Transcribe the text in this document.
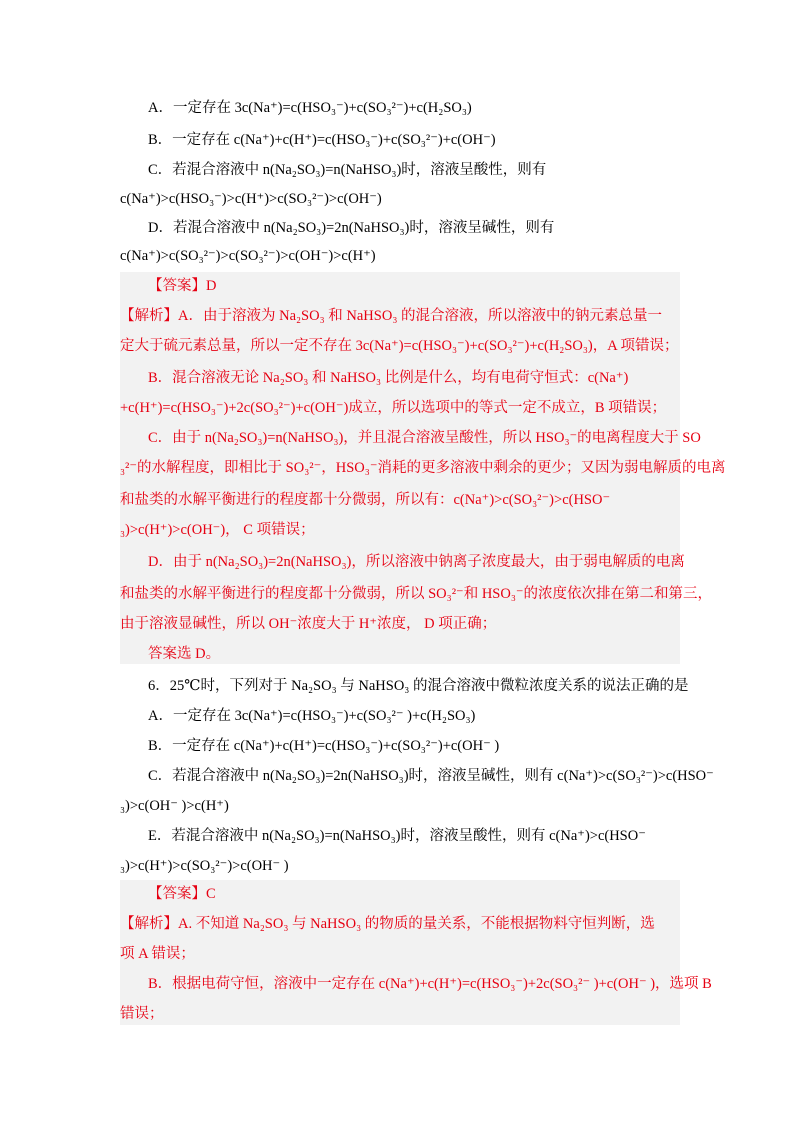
A．一定存在 3c(Na⁺)=c(HSO₃⁻)+c(SO₃²⁻)+c(H₂SO₃)
B．一定存在 c(Na⁺)+c(H⁺)=c(HSO₃⁻)+c(SO₃²⁻)+c(OH⁻)
C．若混合溶液中 n(Na₂SO₃)=n(NaHSO₃)时，溶液呈酸性，则有
c(Na⁺)>c(HSO₃⁻)>c(H⁺)>c(SO₃²⁻)>c(OH⁻)
D．若混合溶液中 n(Na₂SO₃)=2n(NaHSO₃)时，溶液呈碱性，则有
c(Na⁺)>c(SO₃²⁻)>c(SO₃²⁻)>c(OH⁻)>c(H⁺)
【答案】D
【解析】A．由于溶液为 Na₂SO₃ 和 NaHSO₃ 的混合溶液，所以溶液中的钠元素总量一
定大于硫元素总量，所以一定不存在 3c(Na⁺)=c(HSO₃⁻)+c(SO₃²⁻)+c(H₂SO₃)，A 项错误；
B．混合溶液无论 Na₂SO₃ 和 NaHSO₃ 比例是什么，均有电荷守恒式：c(Na⁺)
+c(H⁺)=c(HSO₃⁻)+2c(SO₃²⁻)+c(OH⁻)成立，所以选项中的等式一定不成立，B 项错误；
C．由于 n(Na₂SO₃)=n(NaHSO₃)，并且混合溶液呈酸性，所以 HSO₃⁻的电离程度大于 SO
₃²⁻的水解程度，即相比于 SO₃²⁻，HSO₃⁻消耗的更多溶液中剩余的更少；又因为弱电解质的电离
和盐类的水解平衡进行的程度都十分微弱，所以有：c(Na⁺)>c(SO₃²⁻)>c(HSO⁻
₃)>c(H⁺)>c(OH⁻)， C 项错误；
D．由于 n(Na₂SO₃)=2n(NaHSO₃)，所以溶液中钠离子浓度最大，由于弱电解质的电离
和盐类的水解平衡进行的程度都十分微弱，所以 SO₃²⁻和 HSO₃⁻的浓度依次排在第二和第三，
由于溶液显碱性，所以 OH⁻浓度大于 H⁺浓度， D 项正确；
答案选 D。
6．25℃时，下列对于 Na₂SO₃ 与 NaHSO₃ 的混合溶液中微粒浓度关系的说法正确的是
A．一定存在 3c(Na⁺)=c(HSO₃⁻)+c(SO₃²⁻ )+c(H₂SO₃)
B．一定存在 c(Na⁺)+c(H⁺)=c(HSO₃⁻)+c(SO₃²⁻)+c(OH⁻ )
C．若混合溶液中 n(Na₂SO₃)=2n(NaHSO₃)时，溶液呈碱性，则有 c(Na⁺)>c(SO₃²⁻)>c(HSO⁻
₃)>c(OH⁻ )>c(H⁺)
E．若混合溶液中 n(Na₂SO₃)=n(NaHSO₃)时，溶液呈酸性，则有 c(Na⁺)>c(HSO⁻
₃)>c(H⁺)>c(SO₃²⁻)>c(OH⁻ )
【答案】C
【解析】A. 不知道 Na₂SO₃ 与 NaHSO₃ 的物质的量关系，不能根据物料守恒判断，选
项 A 错误；
B．根据电荷守恒，溶液中一定存在 c(Na⁺)+c(H⁺)=c(HSO₃⁻)+2c(SO₃²⁻ )+c(OH⁻ )，选项 B
错误；
